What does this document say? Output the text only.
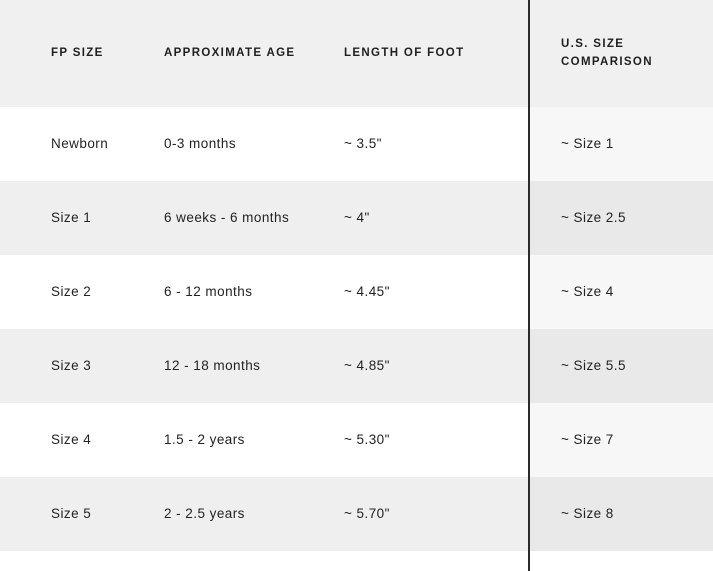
FP SIZE	APPROXIMATE AGE	LENGTH OF FOOT	U.S. SIZE COMPARISON

Newborn	0-3 months	~ 3.5"	~ Size 1

Size 1	6 weeks - 6 months	~ 4"	~ Size 2.5

Size 2	6 - 12 months	~ 4.45"	~ Size 4

Size 3	12 - 18 months	~ 4.85"	~ Size 5.5

Size 4	1.5 - 2 years	~ 5.30"	~ Size 7

Size 5	2 - 2.5 years	~ 5.70"	~ Size 8
